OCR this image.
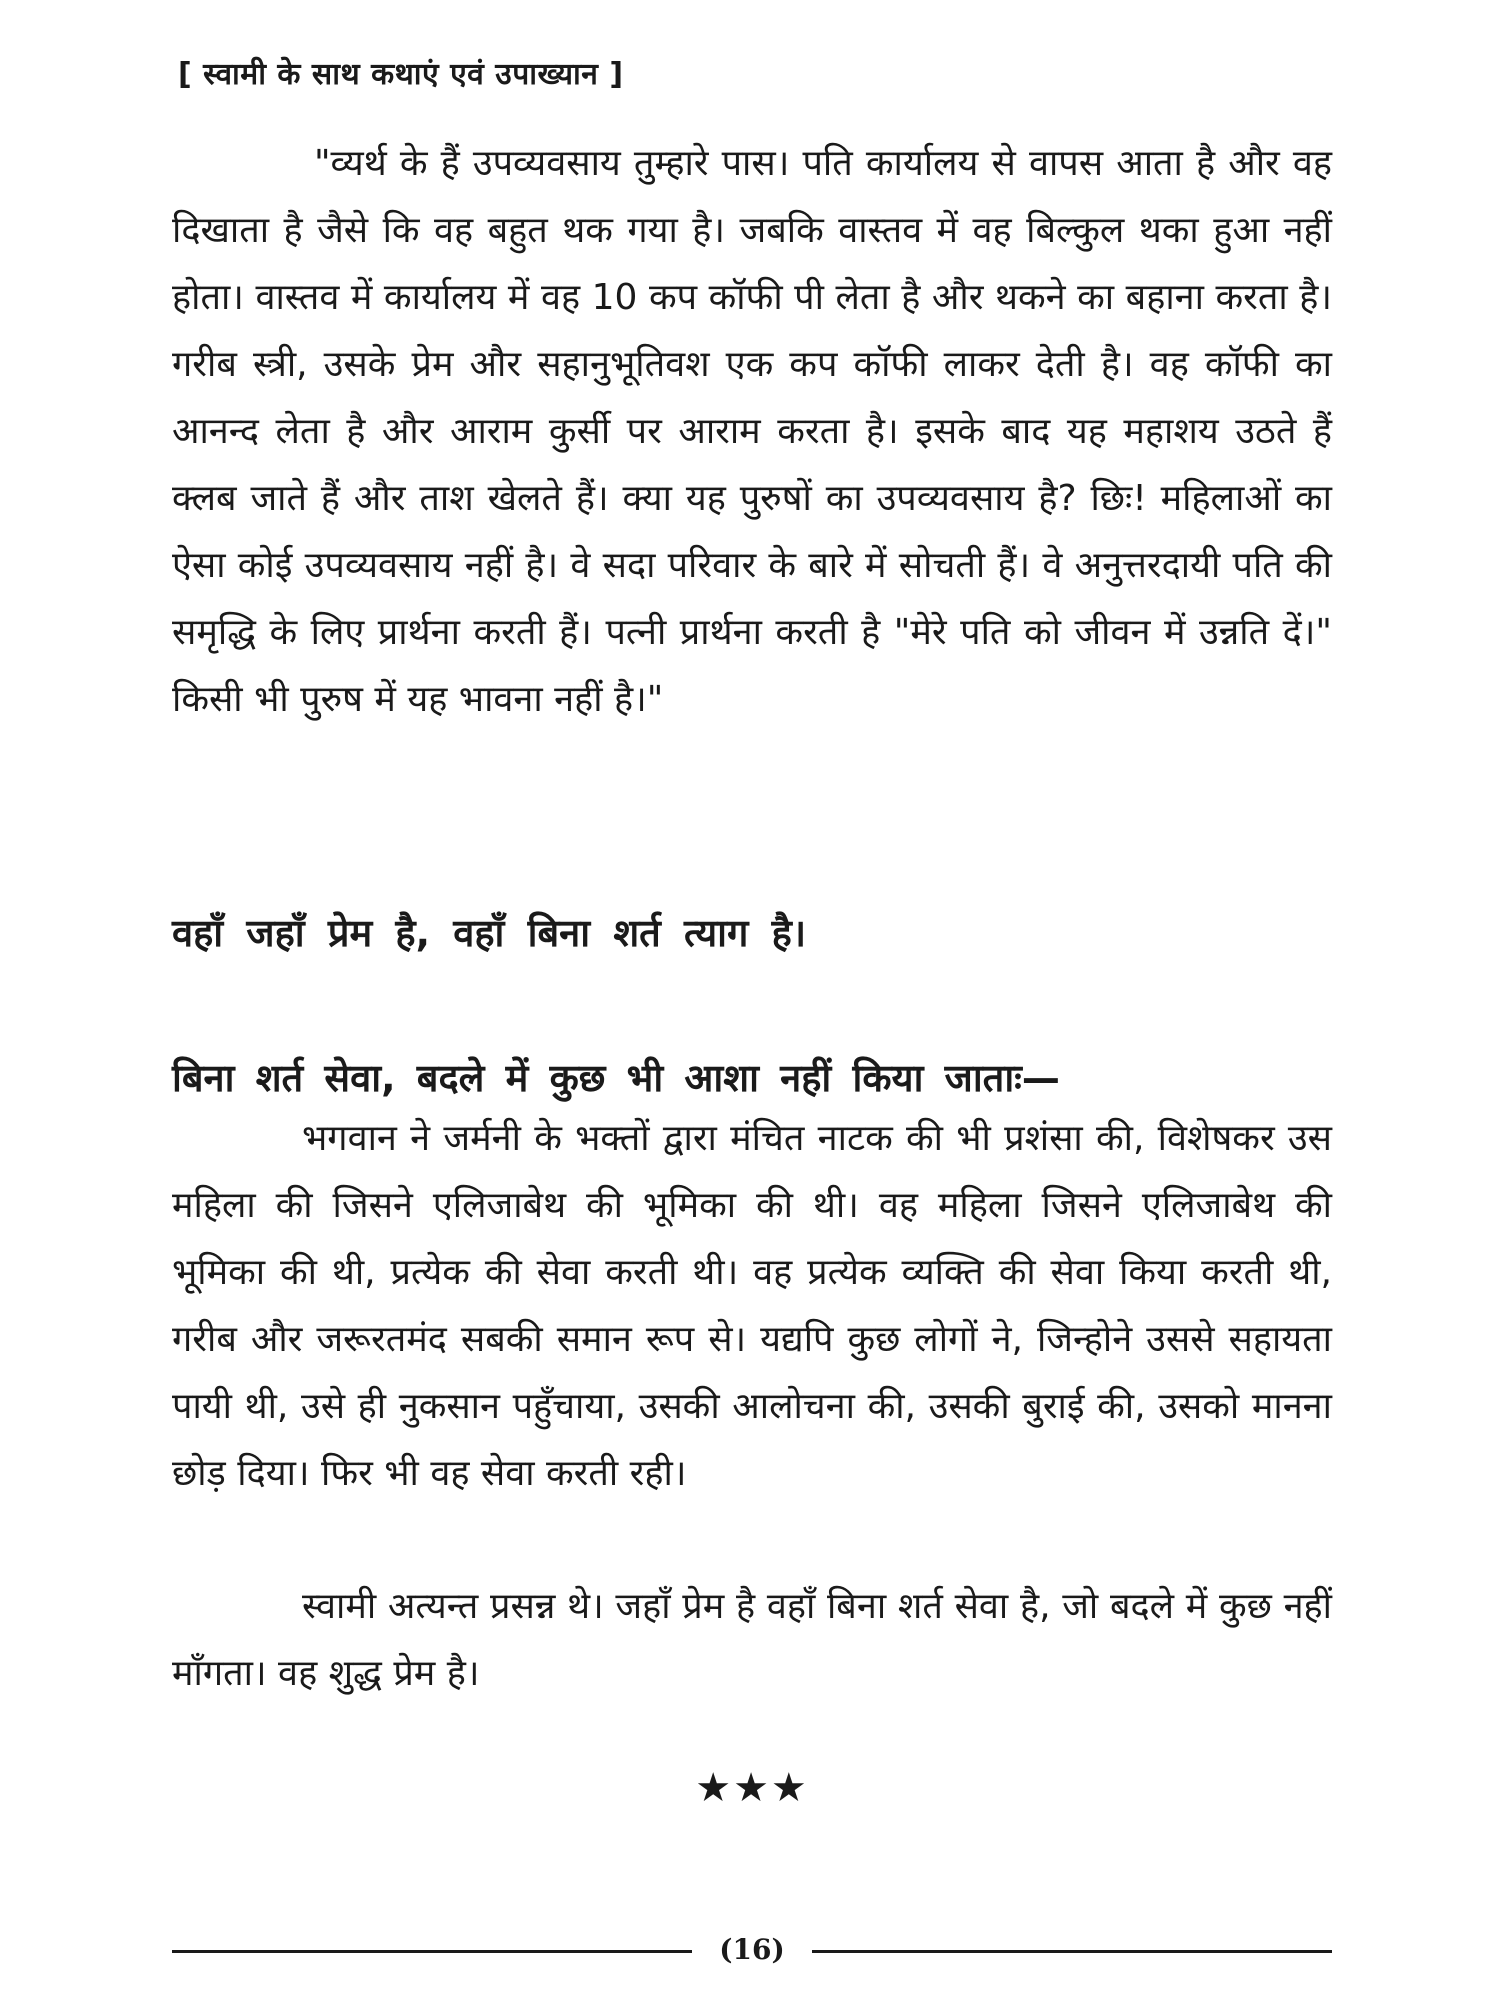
[ स्वामी के साथ कथाएं एवं उपाख्यान ]

"व्यर्थ के हैं उपव्यवसाय तुम्हारे पास। पति कार्यालय से वापस आता है और वह दिखाता है जैसे कि वह बहुत थक गया है। जबकि वास्तव में वह बिल्कुल थका हुआ नहीं होता। वास्तव में कार्यालय में वह 10 कप कॉफी पी लेता है और थकने का बहाना करता है। गरीब स्त्री, उसके प्रेम और सहानुभूतिवश एक कप कॉफी लाकर देती है। वह कॉफी का आनन्द लेता है और आराम कुर्सी पर आराम करता है। इसके बाद यह महाशय उठते हैं क्लब जाते हैं और ताश खेलते हैं। क्या यह पुरुषों का उपव्यवसाय है? छिः! महिलाओं का ऐसा कोई उपव्यवसाय नहीं है। वे सदा परिवार के बारे में सोचती हैं। वे अनुत्तरदायी पति की समृद्धि के लिए प्रार्थना करती हैं। पत्नी प्रार्थना करती है "मेरे पति को जीवन में उन्नति दें।" किसी भी पुरुष में यह भावना नहीं है।"

वहाँ जहाँ प्रेम है, वहाँ बिना शर्त त्याग है।
बिना शर्त सेवा, बदले में कुछ भी आशा नहीं किया जाताः—

भगवान ने जर्मनी के भक्तों द्वारा मंचित नाटक की भी प्रशंसा की, विशेषकर उस महिला की जिसने एलिजाबेथ की भूमिका की थी। वह महिला जिसने एलिजाबेथ की भूमिका की थी, प्रत्येक की सेवा करती थी। वह प्रत्येक व्यक्ति की सेवा किया करती थी, गरीब और जरूरतमंद सबकी समान रूप से। यद्यपि कुछ लोगों ने, जिन्होने उससे सहायता पायी थी, उसे ही नुकसान पहुँचाया, उसकी आलोचना की, उसकी बुराई की, उसको मानना छोड़ दिया। फिर भी वह सेवा करती रही।

स्वामी अत्यन्त प्रसन्न थे। जहाँ प्रेम है वहाँ बिना शर्त सेवा है, जो बदले में कुछ नहीं माँगता। वह शुद्ध प्रेम है।

★★★
(16)
